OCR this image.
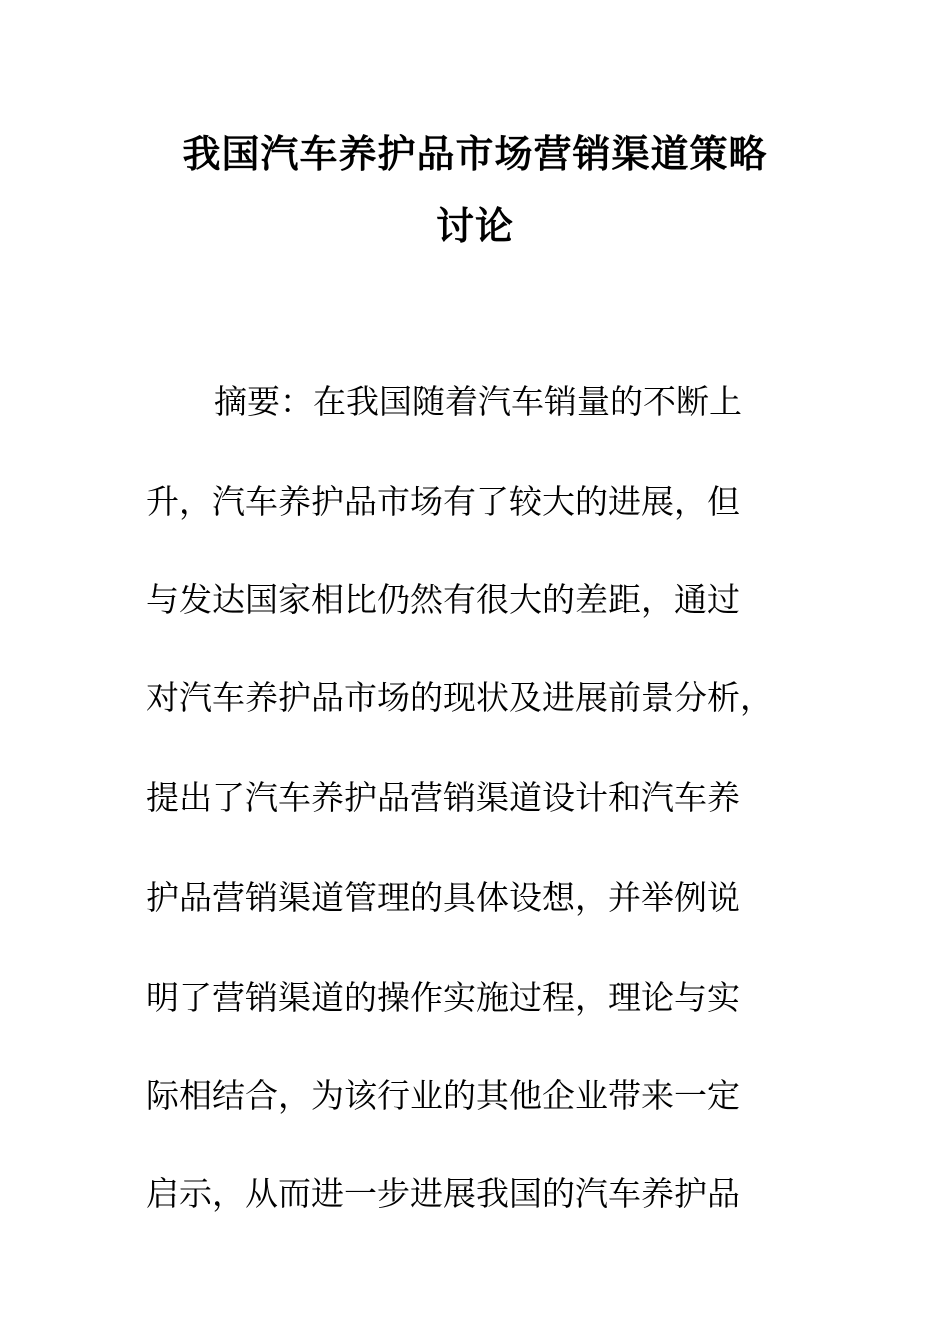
我国汽车养护品市场营销渠道策略
讨论
摘要：在我国随着汽车销量的不断上
升，汽车养护品市场有了较大的进展，但
与发达国家相比仍然有很大的差距，通过
对汽车养护品市场的现状及进展前景分析，
提出了汽车养护品营销渠道设计和汽车养
护品营销渠道管理的具体设想，并举例说
明了营销渠道的操作实施过程，理论与实
际相结合，为该行业的其他企业带来一定
启示，从而进一步进展我国的汽车养护品
